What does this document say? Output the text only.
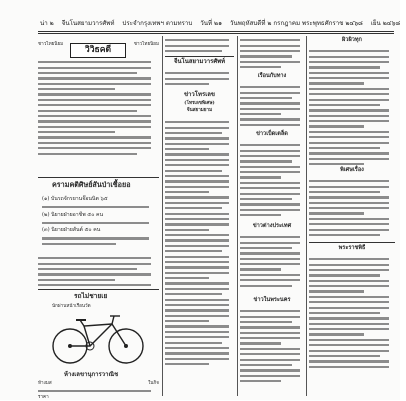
น่า ๒ จีนโนสยามวารศัพท์ ประจำกรุงเทพฯ ตามทราบ วันที่ ๒๑ วันพฤหัสบดีที่ ๒ กรกฎาคม พระพุทธศักราช ๒๔๖๘ เย็น ๒๔๖๘
ชาวไทยนิยม	ชาวไทยนิยม
ครามคติศิษย์สันป่าเชื้อยอ
(๑) บันรถจักรยานจ๊อนนิต ๖๕
(๒) นิยายฝ่ายอาชีพ ๕๐ คน
(๓) นิยายฝ่ายสันต์ ๕๐ คน
รถไม่ชายเย
นักผ่านหน้าเรือนวัด
ห้างเลขานุการวาณิช
ห้างมส	ในกิจ
ราคา
จีนโนสยามวารศัพท์
ข่าวโทรเลข
(โทรเลขพิเศษ)
จีนสยามยาม
เรือนกับทาง
ข่าวเบ็ดเตล็ด
ข่าวต่างประเทศ
ข่าวในพระนคร
ผิวผิวทุก
พิเศษเรื่อง
พระราชพิธี
วิวิธคดี
